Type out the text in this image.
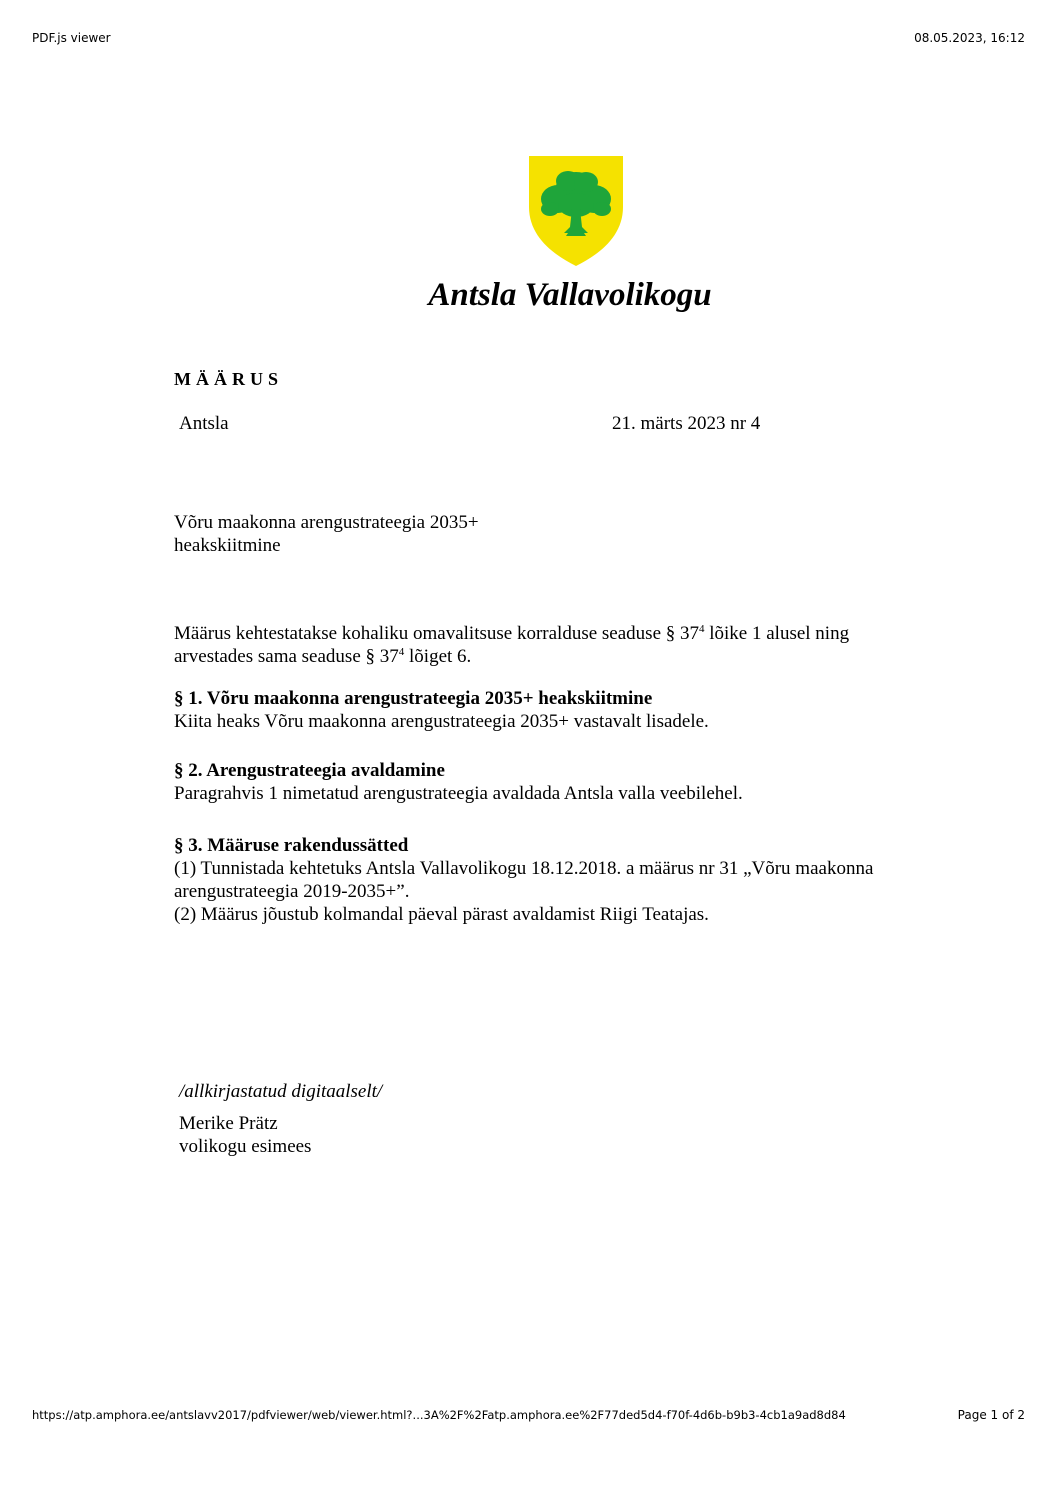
PDF.js viewer	08.05.2023, 16:12
Antsla Vallavolikogu
MÄÄRUS
Antsla	21. märts 2023 nr 4
Võru maakonna arengustrateegia 2035+
heakskiitmine
Määrus kehtestatakse kohaliku omavalitsuse korralduse seaduse § $37^4$ lõike 1 alusel ning
arvestades sama seaduse § $37^4$ lõiget 6.
§ 1. Võru maakonna arengustrateegia 2035+ heakskiitmine
Kiita heaks Võru maakonna arengustrateegia 2035+ vastavalt lisadele.
§ 2. Arengustrateegia avaldamine
Paragrahvis 1 nimetatud arengustrateegia avaldada Antsla valla veebilehel.
§ 3. Määruse rakendussätted
(1) Tunnistada kehtetuks Antsla Vallavolikogu 18.12.2018. a määrus nr 31 „Võru maakonna
arengustrateegia 2019-2035+”.
(2) Määrus jõustub kolmandal päeval pärast avaldamist Riigi Teatajas.
/allkirjastatud digitaalselt/
Merike Prätz
volikogu esimees
https://atp.amphora.ee/antslavv2017/pdfviewer/web/viewer.html?...3A%2F%2Fatp.amphora.ee%2F77ded5d4-f70f-4d6b-b9b3-4cb1a9ad8d84	Page 1 of 2
